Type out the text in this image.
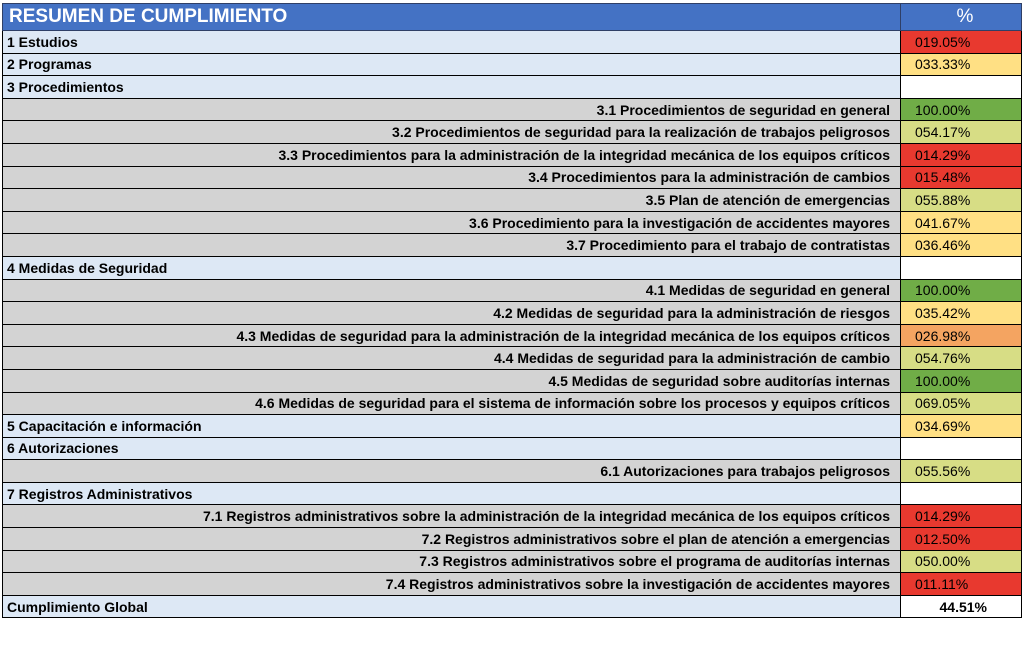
RESUMEN DE CUMPLIMIENTO	%
1 Estudios	019.05%
2 Programas	033.33%
3 Procedimientos	
3.1 Procedimientos de seguridad en general	100.00%
3.2 Procedimientos de seguridad para la realización de trabajos peligrosos	054.17%
3.3 Procedimientos para la administración de la integridad mecánica de los equipos críticos	014.29%
3.4 Procedimientos para la administración de cambios	015.48%
3.5 Plan de atención de emergencias	055.88%
3.6 Procedimiento para la investigación de accidentes mayores	041.67%
3.7 Procedimiento para el trabajo de contratistas	036.46%
4 Medidas de Seguridad	
4.1 Medidas de seguridad en general	100.00%
4.2 Medidas de seguridad para la administración de riesgos	035.42%
4.3 Medidas de seguridad para la administración de la integridad mecánica de los equipos críticos	026.98%
4.4 Medidas de seguridad para la administración de cambio	054.76%
4.5 Medidas de seguridad sobre auditorías internas	100.00%
4.6 Medidas de seguridad para el sistema de información sobre los procesos y equipos críticos	069.05%
5 Capacitación e información	034.69%
6 Autorizaciones	
6.1 Autorizaciones para trabajos peligrosos	055.56%
7 Registros Administrativos	
7.1 Registros administrativos sobre la administración de la integridad mecánica de los equipos críticos	014.29%
7.2 Registros administrativos sobre el plan de atención a emergencias	012.50%
7.3 Registros administrativos sobre el programa de auditorías internas	050.00%
7.4 Registros administrativos sobre la investigación de accidentes mayores	011.11%
Cumplimiento Global	44.51%
